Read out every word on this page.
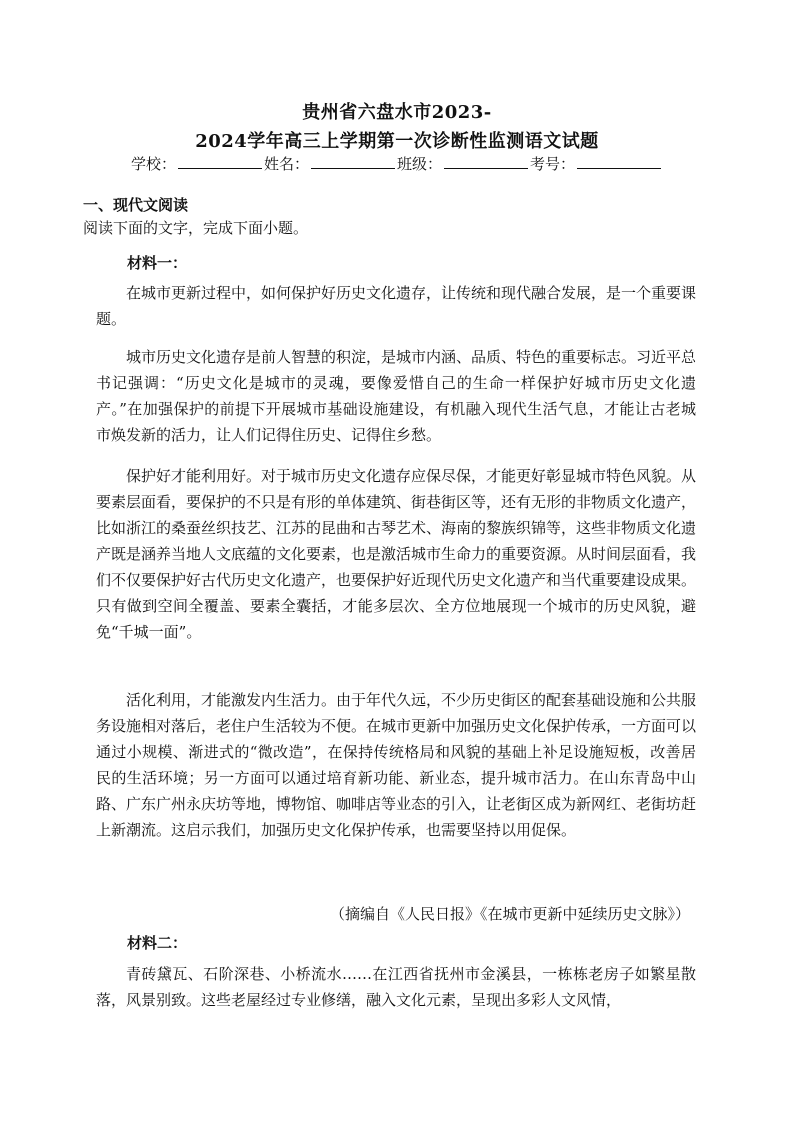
贵州省六盘水市2023-
2024学年高三上学期第一次诊断性监测语文试题
学校：	姓名：	班级：	考号：
一、现代文阅读
阅读下面的文字，完成下面小题。
材料一：

在城市更新过程中，如何保护好历史文化遗存，让传统和现代融合发展，是一个重要课题。

城市历史文化遗存是前人智慧的积淀，是城市内涵、品质、特色的重要标志。习近平总书记强调：“历史文化是城市的灵魂，要像爱惜自己的生命一样保护好城市历史文化遗产。”在加强保护的前提下开展城市基础设施建设，有机融入现代生活气息，才能让古老城市焕发新的活力，让人们记得住历史、记得住乡愁。

保护好才能利用好。对于城市历史文化遗存应保尽保，才能更好彰显城市特色风貌。从要素层面看，要保护的不只是有形的单体建筑、街巷街区等，还有无形的非物质文化遗产，比如浙江的桑蚕丝织技艺、江苏的昆曲和古琴艺术、海南的黎族织锦等，这些非物质文化遗产既是涵养当地人文底蕴的文化要素，也是激活城市生命力的重要资源。从时间层面看，我们不仅要保护好古代历史文化遗产，也要保护好近现代历史文化遗产和当代重要建设成果。只有做到空间全覆盖、要素全囊括，才能多层次、全方位地展现一个城市的历史风貌，避免“千城一面”。

活化利用，才能激发内生活力。由于年代久远，不少历史街区的配套基础设施和公共服务设施相对落后，老住户生活较为不便。在城市更新中加强历史文化保护传承，一方面可以通过小规模、渐进式的“微改造”，在保持传统格局和风貌的基础上补足设施短板，改善居民的生活环境；另一方面可以通过培育新功能、新业态，提升城市活力。在山东青岛中山路、广东广州永庆坊等地，博物馆、咖啡店等业态的引入，让老街区成为新网红、老街坊赶上新潮流。这启示我们，加强历史文化保护传承，也需要坚持以用促保。

（摘编自《人民日报》《在城市更新中延续历史文脉》）
材料二：

青砖黛瓦、石阶深巷、小桥流水……在江西省抚州市金溪县，一栋栋老房子如繁星散落，风景别致。这些老屋经过专业修缮，融入文化元素，呈现出多彩人文风情，
